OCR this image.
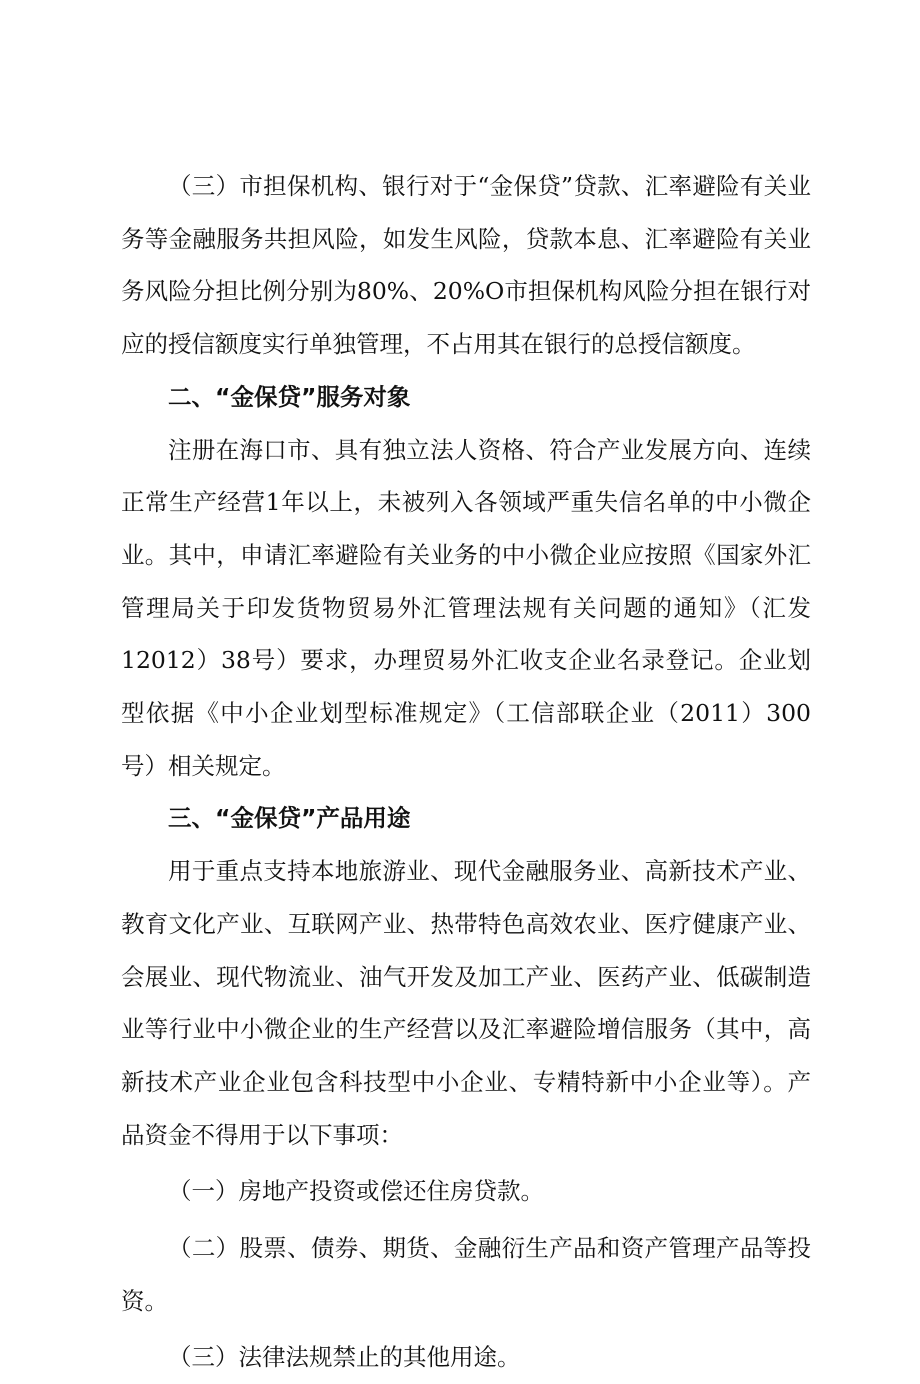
（三）市担保机构、银行对于“金保贷”贷款、汇率避险有关业务等金融服务共担风险，如发生风险，贷款本息、汇率避险有关业务风险分担比例分别为80%、20%O市担保机构风险分担在银行对应的授信额度实行单独管理，不占用其在银行的总授信额度。

二、“金保贷”服务对象

注册在海口市、具有独立法人资格、符合产业发展方向、连续正常生产经营1年以上，未被列入各领域严重失信名单的中小微企业。其中，申请汇率避险有关业务的中小微企业应按照《国家外汇管理局关于印发货物贸易外汇管理法规有关问题的通知》（汇发12012）38号）要求，办理贸易外汇收支企业名录登记。企业划型依据《中小企业划型标准规定》（工信部联企业（2011）300号）相关规定。

三、“金保贷”产品用途

用于重点支持本地旅游业、现代金融服务业、高新技术产业、教育文化产业、互联网产业、热带特色高效农业、医疗健康产业、会展业、现代物流业、油气开发及加工产业、医药产业、低碳制造业等行业中小微企业的生产经营以及汇率避险增信服务（其中，高新技术产业企业包含科技型中小企业、专精特新中小企业等）。产品资金不得用于以下事项：

（一）房地产投资或偿还住房贷款。

（二）股票、债券、期货、金融衍生产品和资产管理产品等投资。

（三）法律法规禁止的其他用途。
